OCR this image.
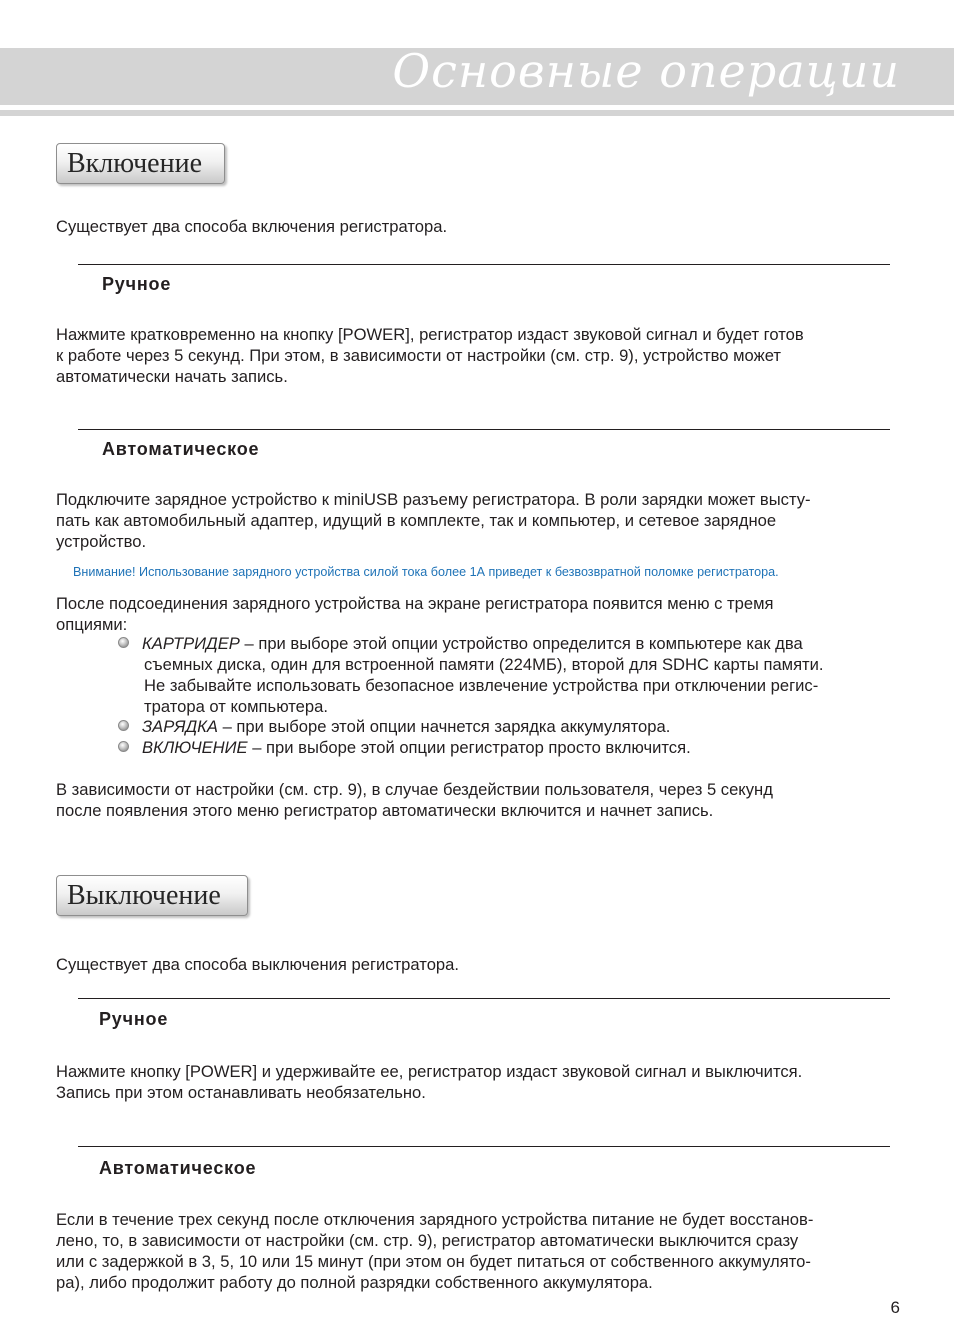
Основные операции
Включение
Существует два способа включения регистратора.
Ручное
Нажмите кратковременно на кнопку [POWER], регистратор издаст звуковой сигнал и будет готов
к работе через 5 секунд. При этом, в зависимости от настройки (см. стр. 9), устройство может
автоматически начать запись.
Автоматическое
Подключите зарядное устройство к miniUSB разъему регистратора. В роли зарядки может высту-
пать как автомобильный адаптер, идущий в комплекте, так и компьютер, и сетевое зарядное
устройство.
Внимание! Использование зарядного устройства силой тока более 1А приведет к безвозвратной поломке регистратора.
После подсоединения зарядного устройства на экране регистратора появится меню с тремя
опциями:
КАРТРИДЕР – при выборе этой опции устройство определится в компьютере как два
съемных диска, один для встроенной памяти (224МБ), второй для SDHC карты памяти.
Не забывайте использовать безопасное извлечение устройства при отключении регис-
тратора от компьютера.
ЗАРЯДКА – при выборе этой опции начнется зарядка аккумулятора.
ВКЛЮЧЕНИЕ – при выборе этой опции регистратор просто включится.
В зависимости от настройки (см. стр. 9), в случае бездействии пользователя, через 5 секунд
после появления этого меню регистратор автоматически включится и начнет запись.
Выключение
Существует два способа выключения регистратора.
Ручное
Нажмите кнопку [POWER] и удерживайте ее, регистратор издаст звуковой сигнал и выключится.
Запись при этом останавливать необязательно.
Автоматическое
Если в течение трех секунд после отключения зарядного устройства питание не будет восстанов-
лено, то, в зависимости от настройки (см. стр. 9), регистратор автоматически выключится сразу
или с задержкой в 3, 5, 10 или 15 минут (при этом он будет питаться от собственного аккумулято-
ра), либо продолжит работу до полной разрядки собственного аккумулятора.
6
